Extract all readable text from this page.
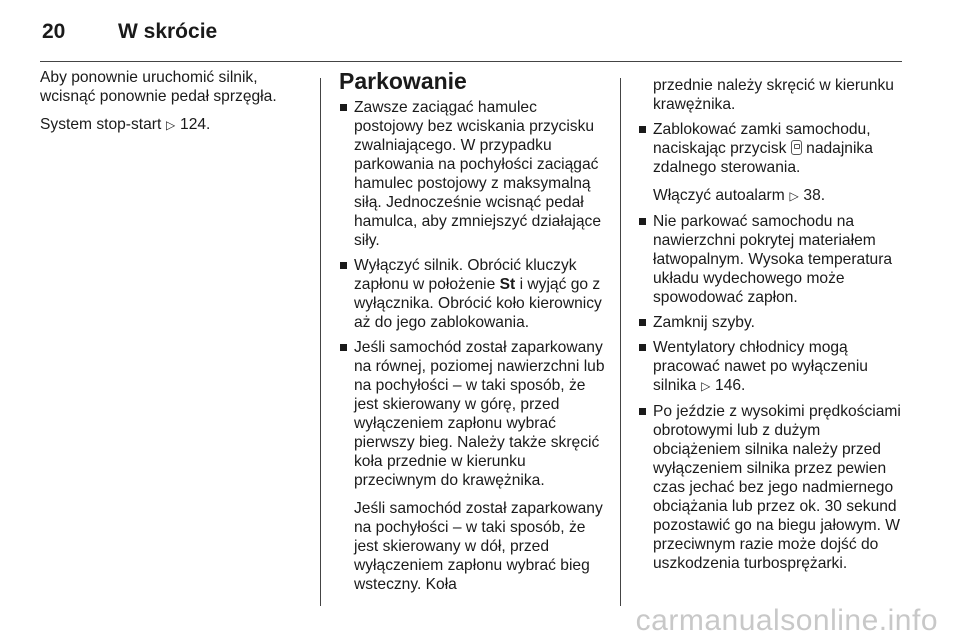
20	W skrócie

Aby ponownie uruchomić silnik, wcisnąć ponownie pedał sprzęgła.

System stop-start ▷ 124.

Parkowanie
Zawsze zaciągać hamulec postojowy bez wciskania przycisku zwalniającego. W przypadku parkowania na pochyłości zaciągać hamulec postojowy z maksymalną siłą. Jednocześnie wcisnąć pedał hamulca, aby zmniejszyć działające siły.
Wyłączyć silnik. Obrócić kluczyk zapłonu w położenie St i wyjąć go z wyłącznika. Obrócić koło kierownicy aż do jego zablokowania.
Jeśli samochód został zaparkowany na równej, poziomej nawierzchni lub na pochyłości – w taki sposób, że jest skierowany w górę, przed wyłączeniem zapłonu wybrać pierwszy bieg. Należy także skręcić koła przednie w kierunku przeciwnym do krawężnika.
Jeśli samochód został zaparkowany na pochyłości – w taki sposób, że jest skierowany w dół, przed wyłączeniem zapłonu wybrać bieg wsteczny. Koła
przednie należy skręcić w kierunku krawężnika.
Zablokować zamki samochodu, naciskając przycisk nadajnika zdalnego sterowania.
Włączyć autoalarm ▷ 38.
Nie parkować samochodu na nawierzchni pokrytej materiałem łatwopalnym. Wysoka temperatura układu wydechowego może spowodować zapłon.
Zamknij szyby.
Wentylatory chłodnicy mogą pracować nawet po wyłączeniu silnika ▷ 146.
Po jeździe z wysokimi prędkościami obrotowymi lub z dużym obciążeniem silnika należy przed wyłączeniem silnika przez pewien czas jechać bez jego nadmiernego obciążania lub przez ok. 30 sekund pozostawić go na biegu jałowym. W przeciwnym razie może dojść do uszkodzenia turbosprężarki.
carmanualsonline.info
